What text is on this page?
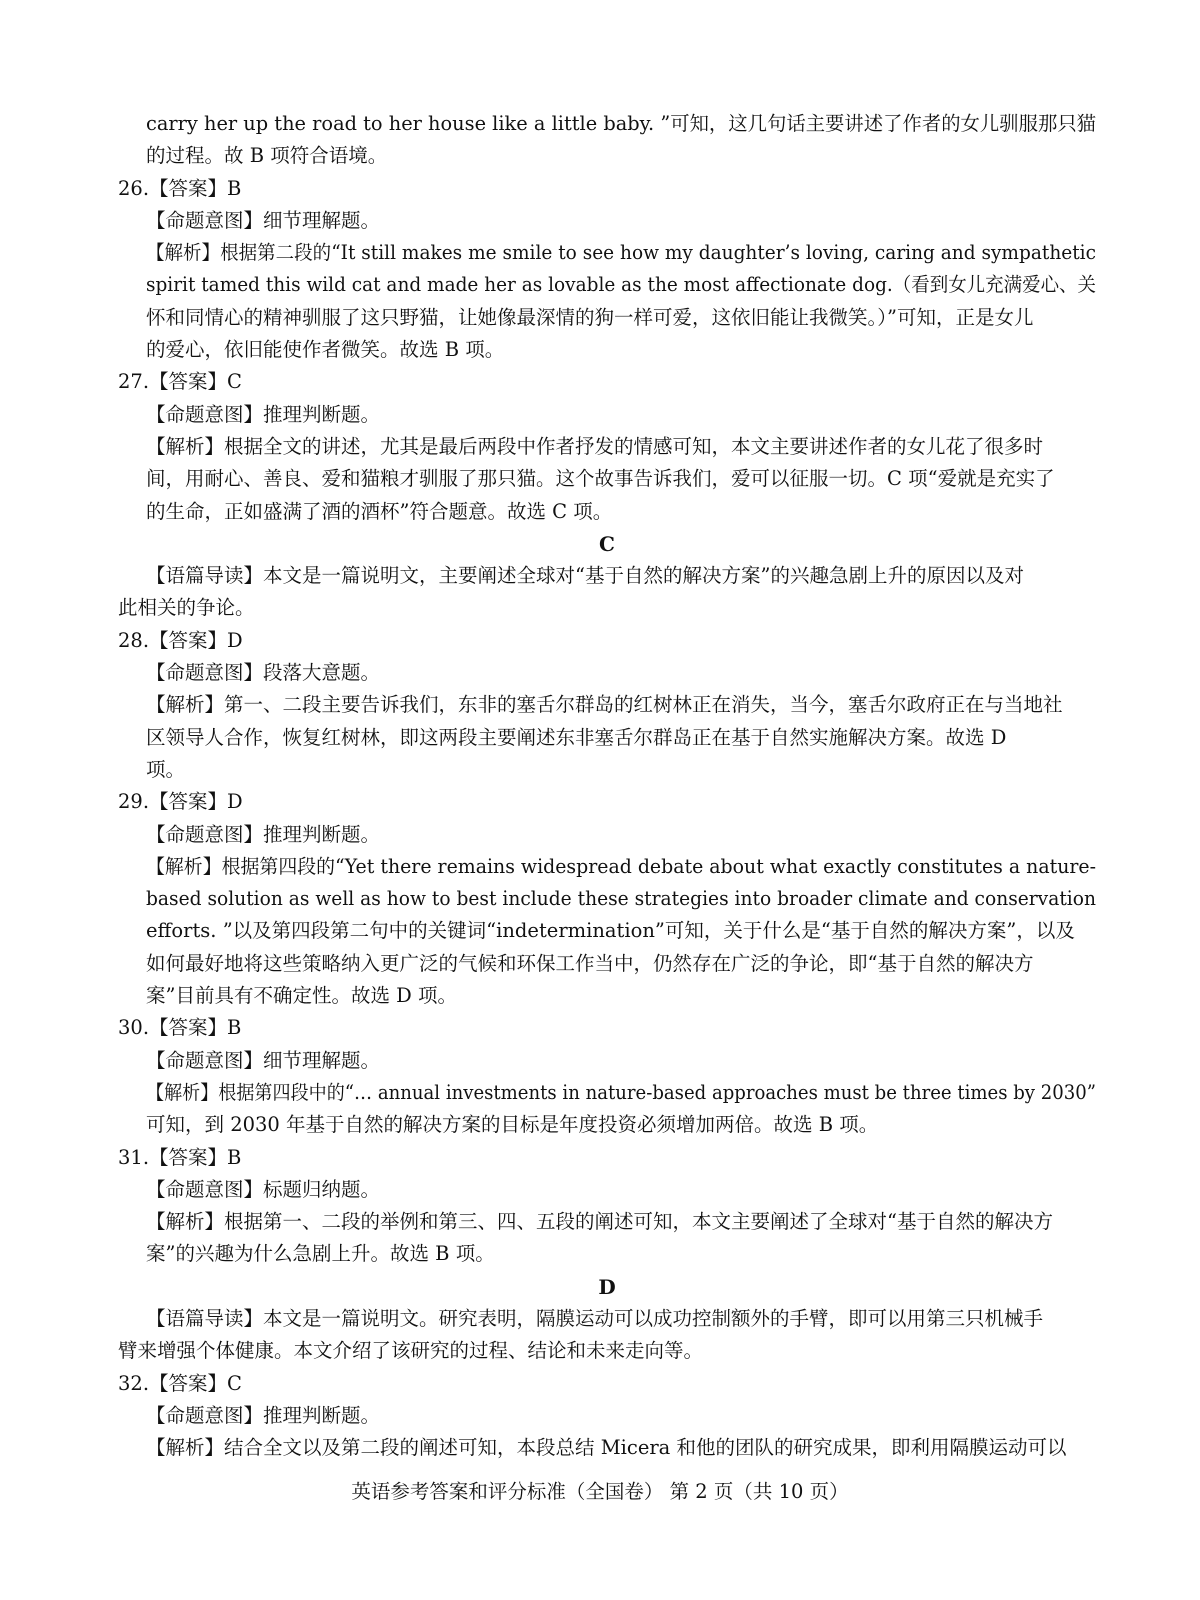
carry her up the road to her house like a little baby. ”可知，这几句话主要讲述了作者的女儿驯服那只猫
的过程。故 B 项符合语境。
26.【答案】B
【命题意图】细节理解题。
【解析】根据第二段的“It still makes me smile to see how my daughter’s loving, caring and sympathetic
spirit tamed this wild cat and made her as lovable as the most affectionate dog.（看到女儿充满爱心、关
怀和同情心的精神驯服了这只野猫，让她像最深情的狗一样可爱，这依旧能让我微笑。）”可知，正是女儿
的爱心，依旧能使作者微笑。故选 B 项。
27.【答案】C
【命题意图】推理判断题。
【解析】根据全文的讲述，尤其是最后两段中作者抒发的情感可知，本文主要讲述作者的女儿花了很多时
间，用耐心、善良、爱和猫粮才驯服了那只猫。这个故事告诉我们，爱可以征服一切。C 项“爱就是充实了
的生命，正如盛满了酒的酒杯”符合题意。故选 C 项。
C
【语篇导读】本文是一篇说明文，主要阐述全球对“基于自然的解决方案”的兴趣急剧上升的原因以及对
此相关的争论。
28.【答案】D
【命题意图】段落大意题。
【解析】第一、二段主要告诉我们，东非的塞舌尔群岛的红树林正在消失，当今，塞舌尔政府正在与当地社
区领导人合作，恢复红树林，即这两段主要阐述东非塞舌尔群岛正在基于自然实施解决方案。故选 D
项。
29.【答案】D
【命题意图】推理判断题。
【解析】根据第四段的“Yet there remains widespread debate about what exactly constitutes a nature-
based solution as well as how to best include these strategies into broader climate and conservation
efforts. ”以及第四段第二句中的关键词“indetermination”可知，关于什么是“基于自然的解决方案”，以及
如何最好地将这些策略纳入更广泛的气候和环保工作当中，仍然存在广泛的争论，即“基于自然的解决方
案”目前具有不确定性。故选 D 项。
30.【答案】B
【命题意图】细节理解题。
【解析】根据第四段中的“… annual investments in nature-based approaches must be three times by 2030”
可知，到 2030 年基于自然的解决方案的目标是年度投资必须增加两倍。故选 B 项。
31.【答案】B
【命题意图】标题归纳题。
【解析】根据第一、二段的举例和第三、四、五段的阐述可知，本文主要阐述了全球对“基于自然的解决方
案”的兴趣为什么急剧上升。故选 B 项。
D
【语篇导读】本文是一篇说明文。研究表明，隔膜运动可以成功控制额外的手臂，即可以用第三只机械手
臂来增强个体健康。本文介绍了该研究的过程、结论和未来走向等。
32.【答案】C
【命题意图】推理判断题。
【解析】结合全文以及第二段的阐述可知，本段总结 Micera 和他的团队的研究成果，即利用隔膜运动可以
英语参考答案和评分标准（全国卷） 第 2 页（共 10 页）
